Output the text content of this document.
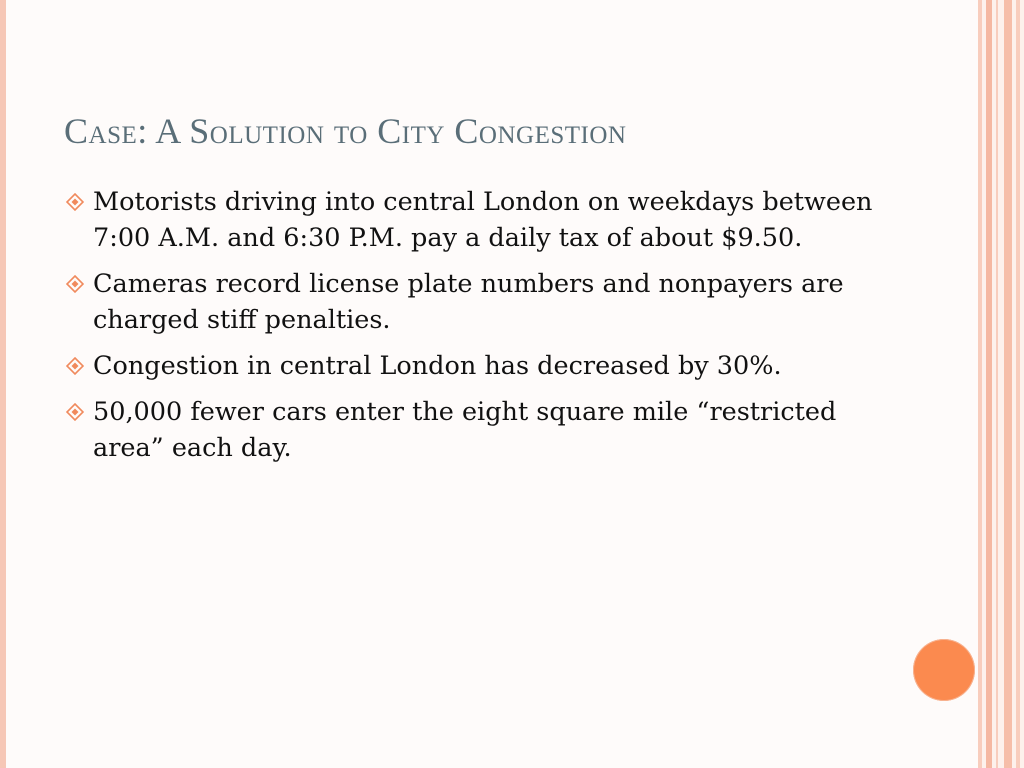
Case: A Solution to City Congestion
Motorists driving into central London on weekdays between 7:00 A.M. and 6:30 P.M. pay a daily tax of about $9.50.
Cameras record license plate numbers and nonpayers are charged stiff penalties.
Congestion in central London has decreased by 30%.
50,000 fewer cars enter the eight square mile “restricted area” each day.
